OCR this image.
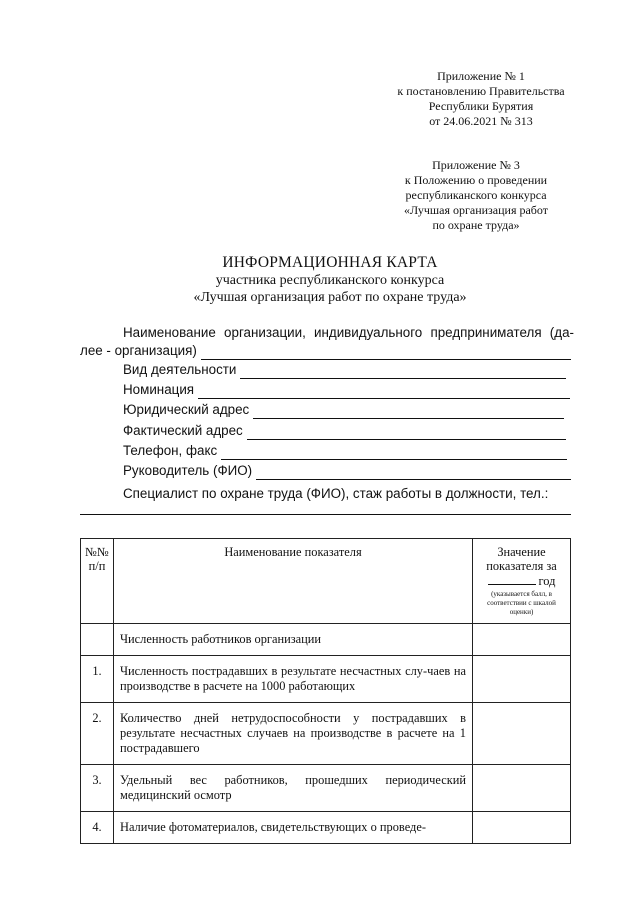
Приложение № 1
к постановлению Правительства
Республики Бурятия
от 24.06.2021 № 313
Приложение № 3
к Положению о проведении
республиканского конкурса
«Лучшая организация работ
по охране труда»
ИНФОРМАЦИОННАЯ КАРТА
участника республиканского конкурса
«Лучшая организация работ по охране труда»
Наименование организации, индивидуального предпринимателя (да-
лее - организация)
Вид деятельности
Номинация
Юридический адрес
Фактический адрес
Телефон, факс
Руководитель (ФИО)
Специалист по охране труда (ФИО), стаж работы в должности, тел.:
№№ п/п	Наименование показателя	Значение показателя за
год
(указывается балл, в соответствии с шкалой оценки)

	Численность работников организации	
1.	Численность пострадавших в результате несчастных слу-чаев на производстве в расчете на 1000 работающих	
2.	Количество дней нетрудоспособности у пострадавших в результате несчастных случаев на производстве в расчете на 1 пострадавшего	
3.	Удельный вес работников, прошедших периодический медицинский осмотр	
4.	Наличие фотоматериалов, свидетельствующих о проведе-	
